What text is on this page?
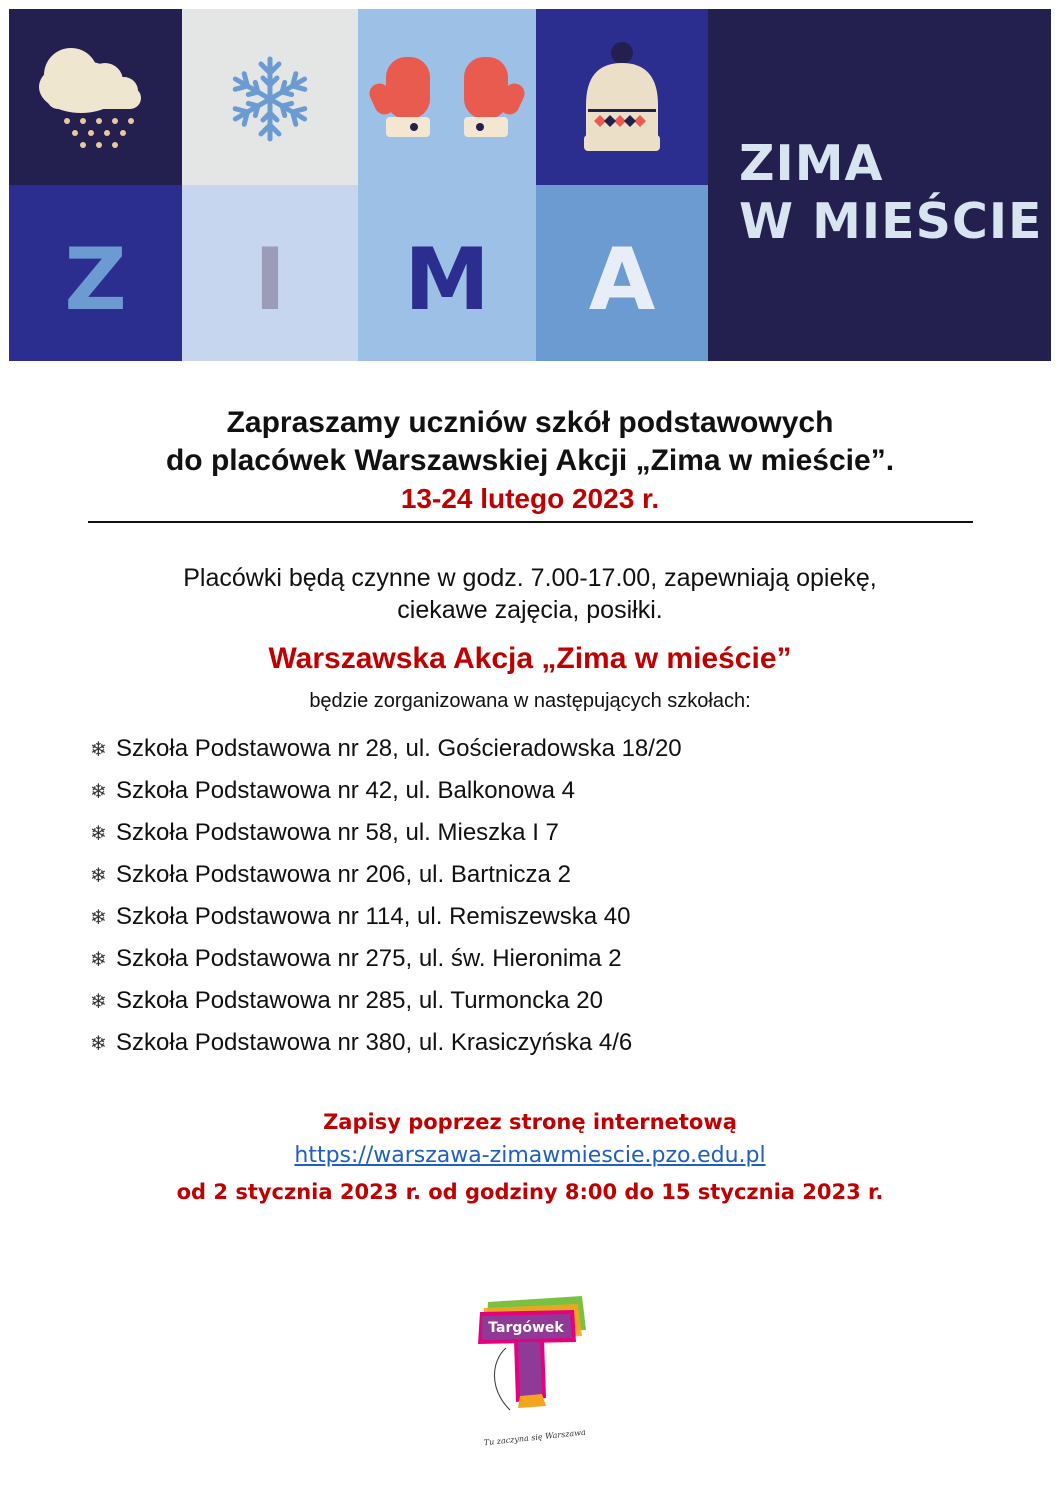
Z	I	M	A
ZIMA
W MIEŚCIE
Zapraszamy uczniów szkół podstawowych
do placówek Warszawskiej Akcji „Zima w mieście”.
13-24 lutego 2023 r.
Placówki będą czynne w godz. 7.00-17.00, zapewniają opiekę,
ciekawe zajęcia, posiłki.
Warszawska Akcja „Zima w mieście”
będzie zorganizowana w następujących szkołach:
❄ Szkoła Podstawowa nr 28, ul. Gościeradowska 18/20
❄ Szkoła Podstawowa nr 42, ul. Balkonowa 4
❄ Szkoła Podstawowa nr 58, ul. Mieszka I 7
❄ Szkoła Podstawowa nr 206, ul. Bartnicza 2
❄ Szkoła Podstawowa nr 114, ul. Remiszewska 40
❄ Szkoła Podstawowa nr 275, ul. św. Hieronima 2
❄ Szkoła Podstawowa nr 285, ul. Turmoncka 20
❄ Szkoła Podstawowa nr 380, ul. Krasiczyńska 4/6
Zapisy poprzez stronę internetową
https://warszawa-zimawmiescie.pzo.edu.pl
od 2 stycznia 2023 r. od godziny 8:00 do 15 stycznia 2023 r.
Targówek
Tu zaczyna się Warszawa
